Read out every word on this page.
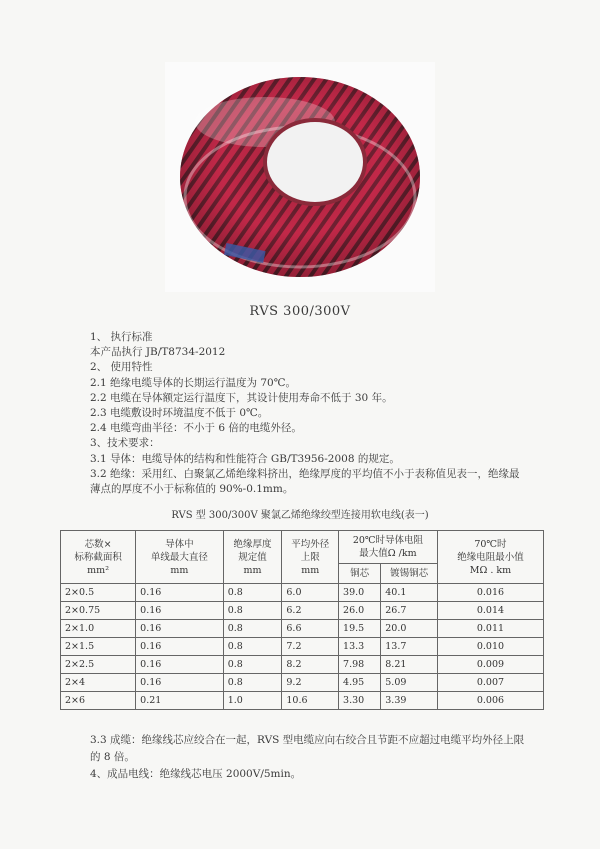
RVS 300/300V

1、 执行标准

本产品执行 JB/T8734-2012

2、 使用特性

2.1 绝缘电缆导体的长期运行温度为 70℃。

2.2 电缆在导体额定运行温度下，其设计使用寿命不低于 30 年。

2.3 电缆敷设时环境温度不低于 0℃。

2.4 电缆弯曲半径：不小于 6 倍的电缆外径。

3、技术要求：

3.1 导体：电缆导体的结构和性能符合 GB/T3956-2008 的规定。

3.2 绝缘：采用红、白聚氯乙烯绝缘料挤出，绝缘厚度的平均值不小于表称值见表一，绝缘最薄点的厚度不小于标称值的 90%-0.1mm。

RVS 型 300/300V 聚氯乙烯绝缘绞型连接用软电线(表一)
芯数×
标称截面积
mm²	导体中
单线最大直径
mm	绝缘厚度
规定值
mm	平均外径
上限
mm	20℃时导体电阻
最大值Ω /km		70℃时
绝缘电阻最小值
MΩ . km
				铜芯	镀锡铜芯	
2×0.5	0.16	0.8	6.0	39.0	40.1	0.016
2×0.75	0.16	0.8	6.2	26.0	26.7	0.014
2×1.0	0.16	0.8	6.6	19.5	20.0	0.011
2×1.5	0.16	0.8	7.2	13.3	13.7	0.010
2×2.5	0.16	0.8	8.2	7.98	8.21	0.009
2×4	0.16	0.8	9.2	4.95	5.09	0.007
2×6	0.21	1.0	10.6	3.30	3.39	0.006

3.3 成缆：绝缘线芯应绞合在一起，RVS 型电缆应向右绞合且节距不应超过电缆平均外径上限的 8 倍。

4、成品电线：绝缘线芯电压 2000V/5min。
